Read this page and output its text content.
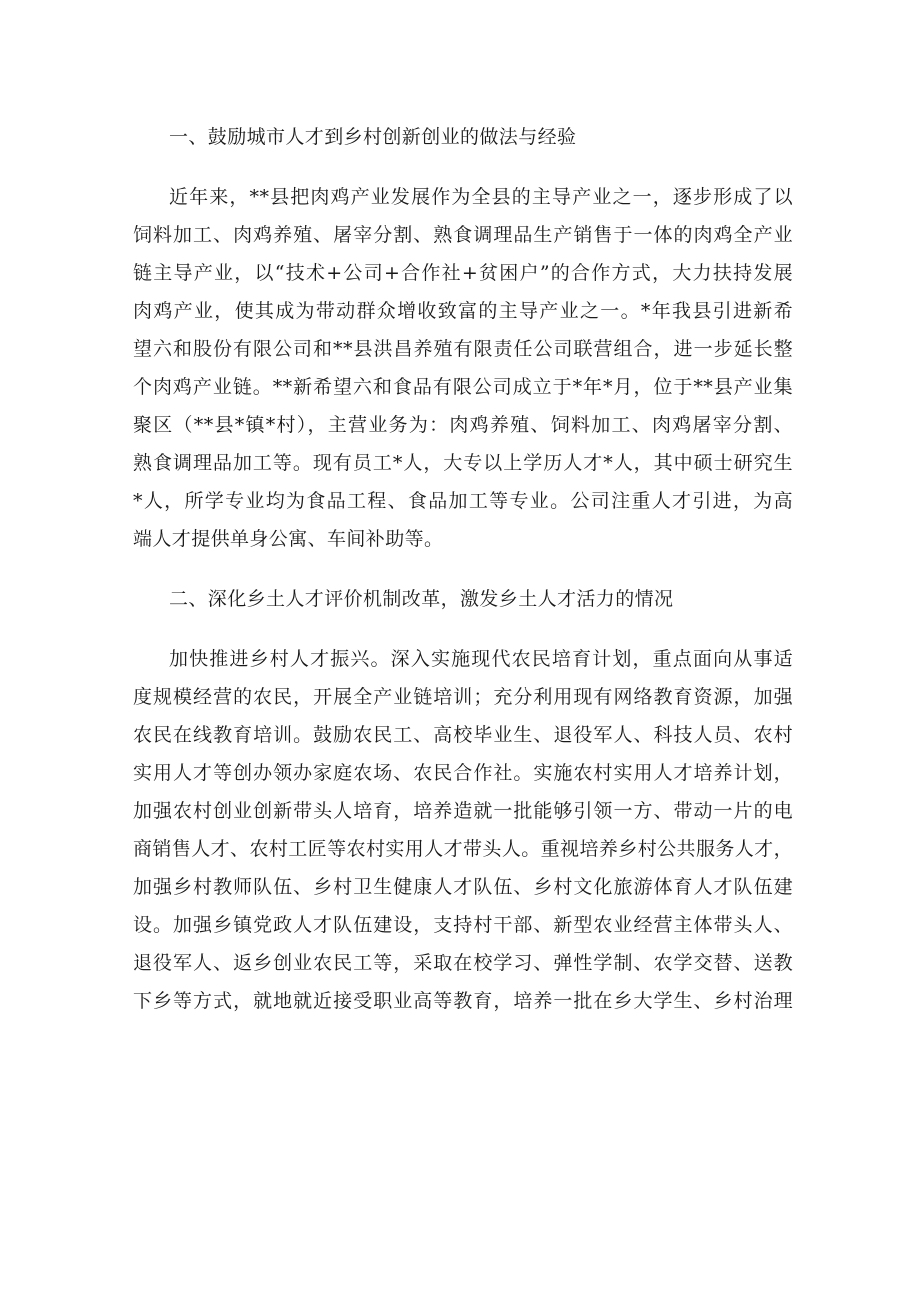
一、鼓励城市人才到乡村创新创业的做法与经验
近年来，**县把肉鸡产业发展作为全县的主导产业之一，逐步形成了以
饲料加工、肉鸡养殖、屠宰分割、熟食调理品生产销售于一体的肉鸡全产业
链主导产业，以“技术+公司+合作社+贫困户”的合作方式，大力扶持发展
肉鸡产业，使其成为带动群众增收致富的主导产业之一。*年我县引进新希
望六和股份有限公司和**县洪昌养殖有限责任公司联营组合，进一步延长整
个肉鸡产业链。**新希望六和食品有限公司成立于*年*月，位于**县产业集
聚区（**县*镇*村），主营业务为：肉鸡养殖、饲料加工、肉鸡屠宰分割、
熟食调理品加工等。现有员工*人，大专以上学历人才*人，其中硕士研究生
*人，所学专业均为食品工程、食品加工等专业。公司注重人才引进，为高
端人才提供单身公寓、车间补助等。
二、深化乡土人才评价机制改革，激发乡土人才活力的情况
加快推进乡村人才振兴。深入实施现代农民培育计划，重点面向从事适
度规模经营的农民，开展全产业链培训；充分利用现有网络教育资源，加强
农民在线教育培训。鼓励农民工、高校毕业生、退役军人、科技人员、农村
实用人才等创办领办家庭农场、农民合作社。实施农村实用人才培养计划，
加强农村创业创新带头人培育，培养造就一批能够引领一方、带动一片的电
商销售人才、农村工匠等农村实用人才带头人。重视培养乡村公共服务人才，
加强乡村教师队伍、乡村卫生健康人才队伍、乡村文化旅游体育人才队伍建
设。加强乡镇党政人才队伍建设，支持村干部、新型农业经营主体带头人、
退役军人、返乡创业农民工等，采取在校学习、弹性学制、农学交替、送教
下乡等方式，就地就近接受职业高等教育，培养一批在乡大学生、乡村治理
